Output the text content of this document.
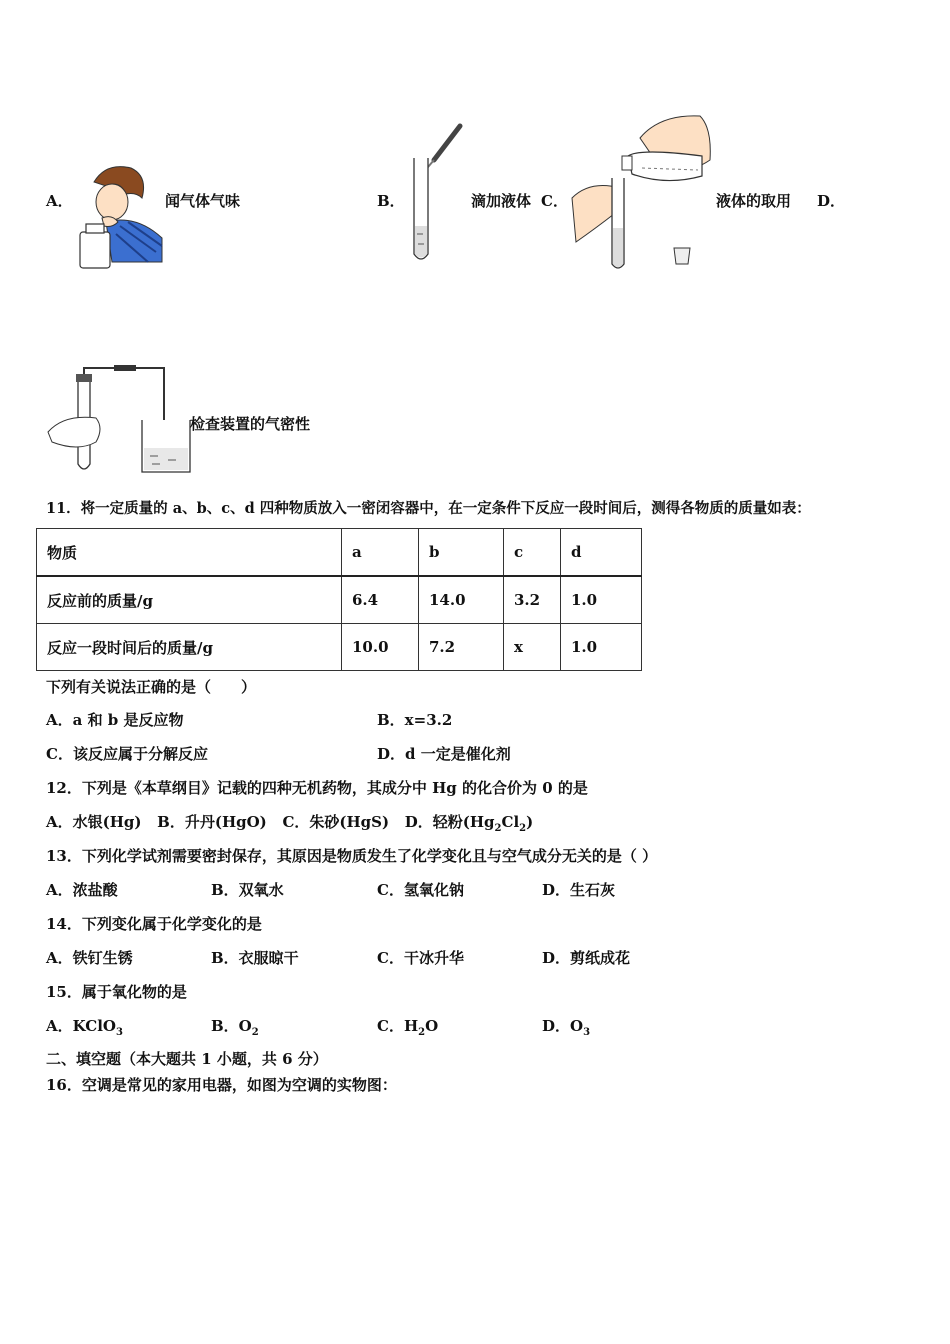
A．	闻气体气味	B．	滴加液体 C．	液体的取用 D．
检查装置的气密性
11．将一定质量的 a、b、c、d 四种物质放入一密闭容器中，在一定条件下反应一段时间后，测得各物质的质量如表：
物质	a	b	c	d
反应前的质量/g	6.4	14.0	3.2	1.0
反应一段时间后的质量/g	10.0	7.2	x	1.0
下列有关说法正确的是（　　）
A．a 和 b 是反应物	B．x=3.2
C．该反应属于分解反应	D．d 一定是催化剂
12．下列是《本草纲目》记载的四种无机药物，其成分中 Hg 的化合价为 0 的是
A．水银(Hg) B．升丹(HgO) C．朱砂(HgS) D．轻粉$(Hg_2Cl_2)$
13．下列化学试剂需要密封保存，其原因是物质发生了化学变化且与空气成分无关的是（ ）
A．浓盐酸	B．双氧水	C．氢氧化钠	D．生石灰
14．下列变化属于化学变化的是
A．铁钉生锈	B．衣服晾干	C．干冰升华	D．剪纸成花
15．属于氧化物的是
A．KClO$_3$	B．$O_2$	C．$H_2O$	D．$O_3$
二、填空题（本大题共 1 小题，共 6 分）
16．空调是常见的家用电器，如图为空调的实物图：
